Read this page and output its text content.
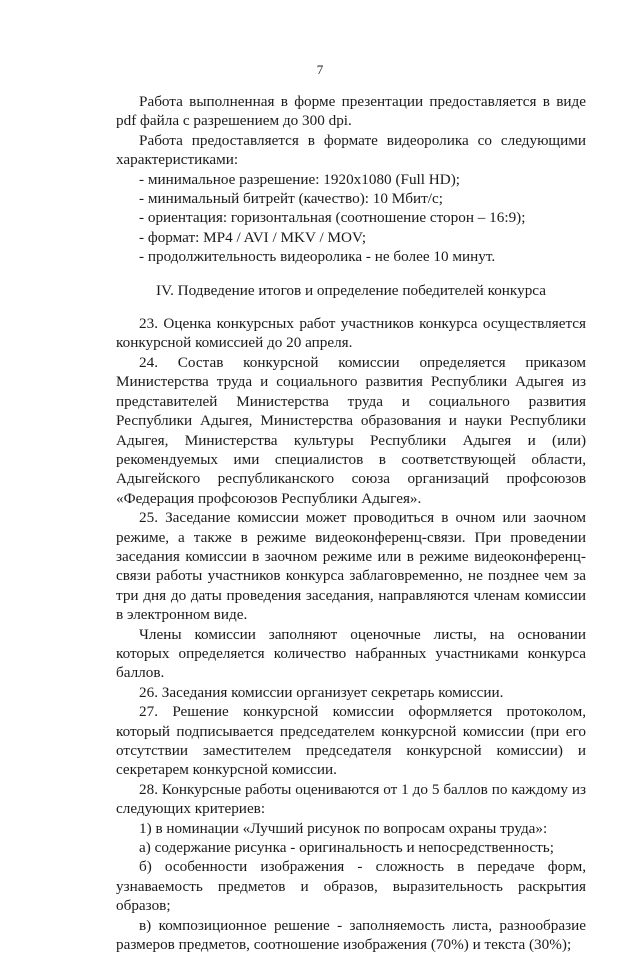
7

Работа выполненная в форме презентации предоставляется в виде pdf файла с разрешением до 300 dpi.

Работа предоставляется в формате видеоролика со следующими характеристиками:

- минимальное разрешение: 1920x1080 (Full HD);

- минимальный битрейт (качество): 10 Мбит/с;

- ориентация: горизонтальная (соотношение сторон – 16:9);

- формат: MP4 / AVI / MKV / MOV;

- продолжительность видеоролика - не более 10 минут.

IV. Подведение итогов и определение победителей конкурса

23. Оценка конкурсных работ участников конкурса осуществляется конкурсной комиссией до 20 апреля.

24. Состав конкурсной комиссии определяется приказом Министерства труда и социального развития Республики Адыгея из представителей Министерства труда и социального развития Республики Адыгея, Министерства образования и науки Республики Адыгея, Министерства культуры Республики Адыгея и (или) рекомендуемых ими специалистов в соответствующей области, Адыгейского республиканского союза организаций профсоюзов «Федерация профсоюзов Республики Адыгея».

25. Заседание комиссии может проводиться в очном или заочном режиме, а также в режиме видеоконференц-связи. При проведении заседания комиссии в заочном режиме или в режиме видеоконференц-связи работы участников конкурса заблаговременно, не позднее чем за три дня до даты проведения заседания, направляются членам комиссии в электронном виде.

Члены комиссии заполняют оценочные листы, на основании которых определяется количество набранных участниками конкурса баллов.

26. Заседания комиссии организует секретарь комиссии.

27. Решение конкурсной комиссии оформляется протоколом, который подписывается председателем конкурсной комиссии (при его отсутствии заместителем председателя конкурсной комиссии) и секретарем конкурсной комиссии.

28. Конкурсные работы оцениваются от 1 до 5 баллов по каждому из следующих критериев:

1) в номинации «Лучший рисунок по вопросам охраны труда»:

а) содержание рисунка - оригинальность и непосредственность;

б) особенности изображения - сложность в передаче форм, узнаваемость предметов и образов, выразительность раскрытия образов;

в) композиционное решение - заполняемость листа, разнообразие размеров предметов, соотношение изображения (70%) и текста (30%);
